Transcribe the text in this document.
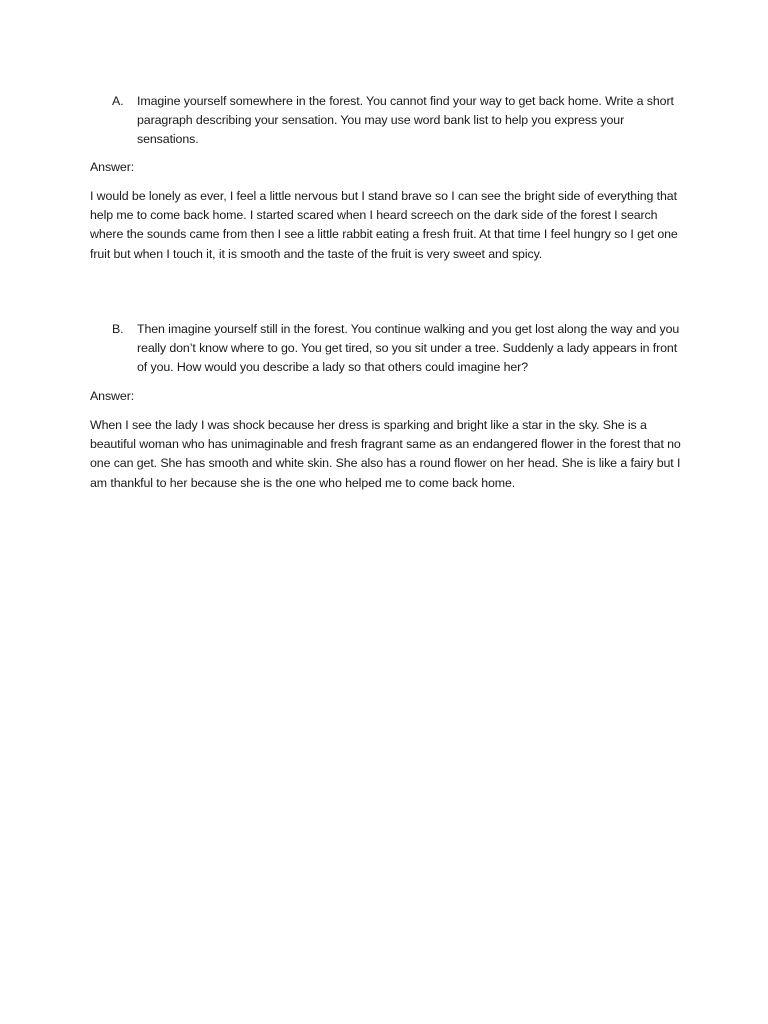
A. Imagine yourself somewhere in the forest. You cannot find your way to get back home. Write a short paragraph describing your sensation. You may use word bank list to help you express your sensations.
Answer:
I would be lonely as ever, I feel a little nervous but I stand brave so I can see the bright side of everything that help me to come back home. I started scared when I heard screech on the dark side of the forest I search where the sounds came from then I see a little rabbit eating a fresh fruit. At that time I feel hungry so I get one fruit but when I touch it, it is smooth and the taste of the fruit is very sweet and spicy.
B. Then imagine yourself still in the forest. You continue walking and you get lost along the way and you really don’t know where to go. You get tired, so you sit under a tree. Suddenly a lady appears in front of you. How would you describe a lady so that others could imagine her?
Answer:
When I see the lady I was shock because her dress is sparking and bright like a star in the sky. She is a beautiful woman who has unimaginable and fresh fragrant same as an endangered flower in the forest that no one can get. She has smooth and white skin. She also has a round flower on her head. She is like a fairy but I am thankful to her because she is the one who helped me to come back home.
